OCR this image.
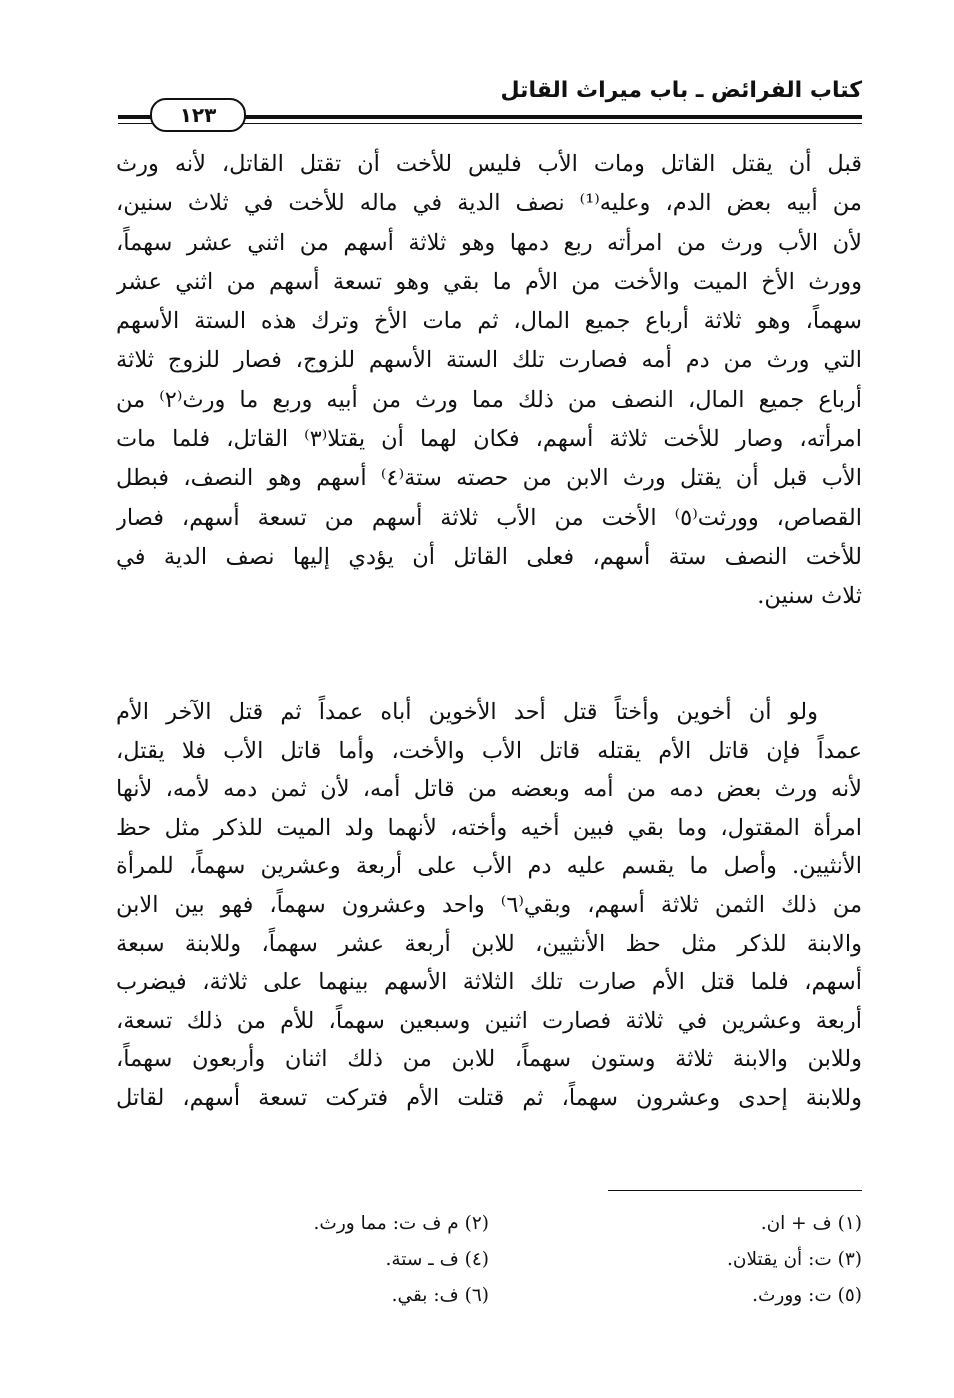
كتاب الفرائض ـ باب ميراث القاتل
١٢٣
قبل أن يقتل القاتل ومات الأب فليس للأخت أن تقتل القاتل، لأنه ورث
من أبيه بعض الدم، وعليه⁽¹⁾ نصف الدية في ماله للأخت في ثلاث سنين،
لأن الأب ورث من امرأته ربع دمها وهو ثلاثة أسهم من اثني عشر سهماً،
وورث الأخ الميت والأخت من الأم ما بقي وهو تسعة أسهم من اثني عشر
سهماً، وهو ثلاثة أرباع جميع المال، ثم مات الأخ وترك هذه الستة الأسهم
التي ورث من دم أمه فصارت تلك الستة الأسهم للزوج، فصار للزوج ثلاثة
أرباع جميع المال، النصف من ذلك مما ورث من أبيه وربع ما ورث⁽٢⁾ من
امرأته، وصار للأخت ثلاثة أسهم، فكان لهما أن يقتلا⁽٣⁾ القاتل، فلما مات
الأب قبل أن يقتل ورث الابن من حصته ستة⁽٤⁾ أسهم وهو النصف، فبطل
القصاص، وورثت⁽٥⁾ الأخت من الأب ثلاثة أسهم من تسعة أسهم، فصار
للأخت النصف ستة أسهم، فعلى القاتل أن يؤدي إليها نصف الدية في
ثلاث سنين.
ولو أن أخوين وأختاً قتل أحد الأخوين أباه عمداً ثم قتل الآخر الأم
عمداً فإن قاتل الأم يقتله قاتل الأب والأخت، وأما قاتل الأب فلا يقتل،
لأنه ورث بعض دمه من أمه وبعضه من قاتل أمه، لأن ثمن دمه لأمه، لأنها
امرأة المقتول، وما بقي فبين أخيه وأخته، لأنهما ولد الميت للذكر مثل حظ
الأنثيين. وأصل ما يقسم عليه دم الأب على أربعة وعشرين سهماً، للمرأة
من ذلك الثمن ثلاثة أسهم، وبقي⁽٦⁾ واحد وعشرون سهماً، فهو بين الابن
والابنة للذكر مثل حظ الأنثيين، للابن أربعة عشر سهماً، وللابنة سبعة
أسهم، فلما قتل الأم صارت تلك الثلاثة الأسهم بينهما على ثلاثة، فيضرب
أربعة وعشرين في ثلاثة فصارت اثنين وسبعين سهماً، للأم من ذلك تسعة،
وللابن والابنة ثلاثة وستون سهماً، للابن من ذلك اثنان وأربعون سهماً،
وللابنة إحدى وعشرون سهماً، ثم قتلت الأم فتركت تسعة أسهم، لقاتل
(١) ف + ان.
(٢) م ف ت: مما ورث.
(٣) ت: أن يقتلان.
(٤) ف ـ ستة.
(٥) ت: وورث.
(٦) ف: بقي.
